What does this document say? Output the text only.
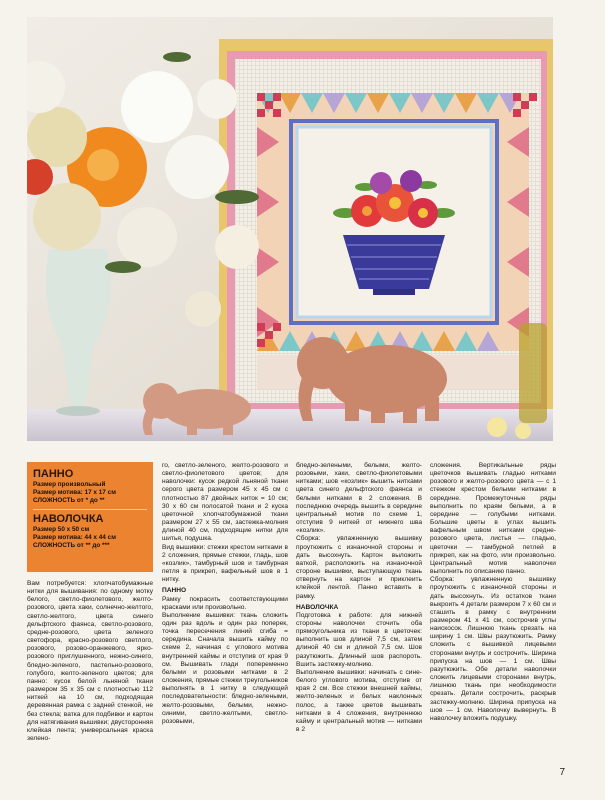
ПАННО
Размер произвольный
Размер мотива: 17 х 17 см
СЛОЖНОСТЬ от * до **
НАВОЛОЧКА
Размер 50 х 50 см
Размер мотива: 44 х 44 см
СЛОЖНОСТЬ от ** до ***

Вам потребуется: хлопчатобумажные нитки для вышивания: по одному мотку белого, светло-фиолетового, желто-розового, цвета хаки, солнечно-желтого, светло-желтого, цвета синего дельфтского фаянса, светло-розового, средне-розового, цвета зеленого светофора, красно-розового светлого, розового, розово-оранжевого, ярко-розового приглушенного, нежно-синего, бледно-зеленого, пастельно-розового, голубого, желто-зеленого цветов; для панно: кусок белой льняной ткани размером 35 х 35 см с плотностью 112 ниткей на 10 см, подходящая деревянная рамка с задней стенкой, не без стекла; ватка для подбивки и картон для натягивания вышивки; двусторонняя клейкая лента; универсальная краска зелено-

го, светло-зеленого, желто-розового и светло-фиолетового цветов; для наволочки: кусок редкой льняной ткани серого цвета размером 45 х 45 см с плотностью 87 двойных ниток = 10 см; 30 х 60 см полосатой ткани и 2 куска цветочной хлопчатобумажной ткани размером 27 х 55 см, застежка-молния длиной 40 см, подходящие нитки для шитья, подушка.

Вид вышивки: стежки крестом нитками в 2 сложения, прямые стежки, гладь, шов «козлик», тамбурный шов и тамбурная петля в прикреп, вафельный шов в 1 нитку.

ПАННО

Рамку покрасить соответствующими красками или произвольно.

Выполнение вышивки: ткань сложить один раз вдоль и один раз поперек, точка пересечения линий сгиба = середина. Сначала вышить кайму по схеме 2, начиная с углового мотива внутренней каймы и отступив от края 9 см. Вышивать глади попеременно белыми и розовыми нитками в 2 сложения, прямые стежки треугольников выполнять в 1 нитку в следующей последовательности: бледно-зелеными, желто-розовыми, белыми, нежно-синими, светло-желтыми, светло-розовыми,

бледно-зелеными, белыми, желто-розовыми, хаки, светло-фиолетовыми нитками; шов «козлик» вышить нитками цвета синего дельфтского фаянса и белыми нитками в 2 сложения. В последнюю очередь вышить в середине центральный мотив по схеме 1, отступив 9 ниткей от нижнего шва «козлик».

Сборка: увлажненную вышивку проутюжить с изнаночной стороны и дать высохнуть. Картон выложить ваткой, расположить на изнаночной стороне вышивки, выступающую ткань отвернуть на картон и приклеить клейкой лентой. Панно вставить в рамку.

НАВОЛОЧКА

Подготовка к работе: для нижней стороны наволочки сточить оба прямоугольника из ткани в цветочек: выполнить шов длиной 7,5 см, затем длиной 40 см и длиной 7,5 см. Шов разутюжить. Длинный шов распороть. Вшить застежку-молнию.

Выполнение вышивки: начинать с сине-белого углового мотива, отступив от края 2 см. Все стежки внешней каймы, желто-зеленых и белых наклонных полос, а также цветов вышивать нитками в 4 сложения, внутреннюю кайму и центральный мотив — нитками в 2

сложения. Вертикальные ряды цветочков вышивать гладью нитками розового и желто-розового цвета — с 1 стежком крестом белыми нитками в середине. Промежуточные ряды выполнить по краям белыми, а в середине — голубыми нитками. Большие цветы в углах вышить вафельным швом нитками средне-розового цвета, листья — гладью, цветочки — тамбурной петлей в прикреп, как на фото, или произвольно. Центральный мотив наволочки выполнить по описанию панно.

Сборка: увлажненную вышивку проутюжить с изнаночной стороны и дать высохнуть. Из остатков ткани выкроить 4 детали размером 7 х 60 см и сташить в рамку с внутренним размером 41 х 41 см, сострочив углы наискосок. Лишнюю ткань срезать на ширину 1 см. Швы разутюжить. Рамку сложить с вышивкой лицевыми сторонами внутрь и сострочить. Ширина припуска на шов — 1 см. Швы разутюжить. Обе детали наволочки сложить лицевыми сторонами внутрь, лишнюю ткань при необходимости срезать. Детали сострочить, раскрыв застежку-молнию. Ширина припуска на шов — 1 см. Наволочку вывернуть. В наволочку вложить подушку.

7
